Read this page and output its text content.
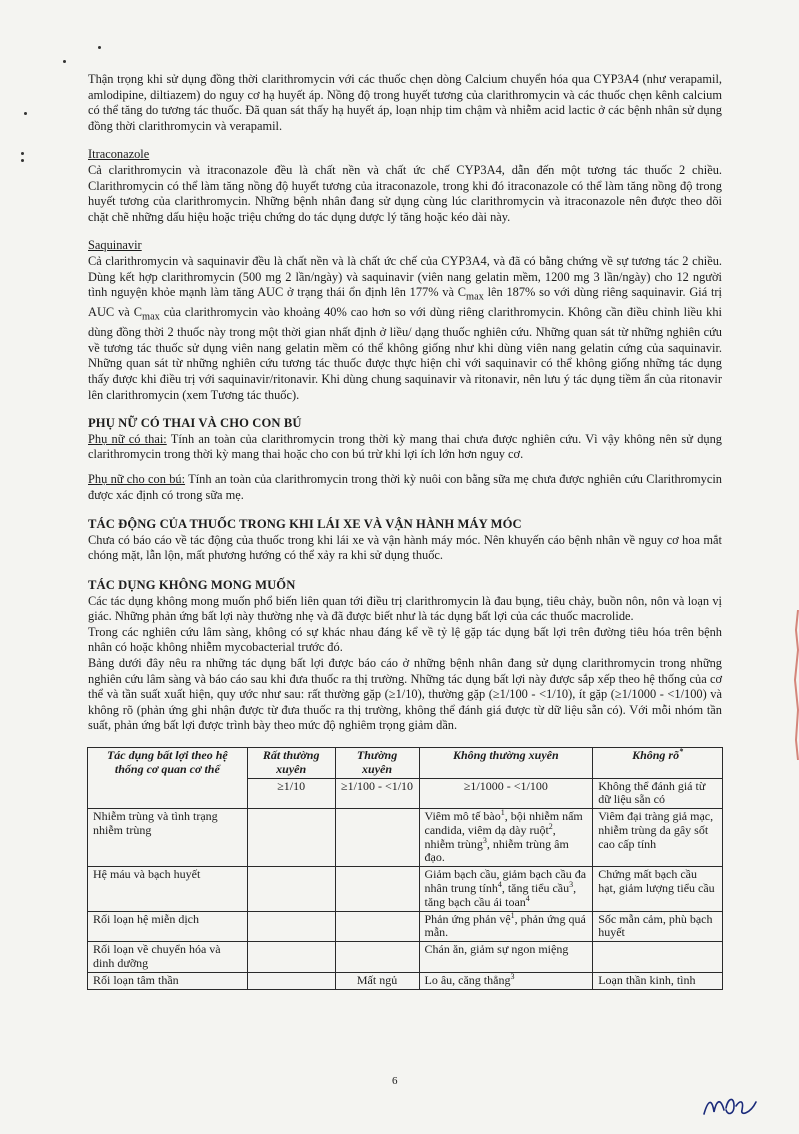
Thận trọng khi sử dụng đồng thời clarithromycin với các thuốc chẹn dòng Calcium chuyển hóa qua CYP3A4 (như verapamil, amlodipine, diltiazem) do nguy cơ hạ huyết áp. Nồng độ trong huyết tương của clarithromycin và các thuốc chẹn kênh calcium có thể tăng do tương tác thuốc. Đã quan sát thấy hạ huyết áp, loạn nhịp tim chậm và nhiễm acid lactic ở các bệnh nhân sử dụng đồng thời clarithromycin và verapamil.

Itraconazole

Cả clarithromycin và itraconazole đều là chất nền và chất ức chế CYP3A4, dẫn đến một tương tác thuốc 2 chiều. Clarithromycin có thể làm tăng nồng độ huyết tương của itraconazole, trong khi đó itraconazole có thể làm tăng nồng độ trong huyết tương của clarithromycin. Những bệnh nhân đang sử dụng cùng lúc clarithromycin và itraconazole nên được theo dõi chặt chẽ những dấu hiệu hoặc triệu chứng do tác dụng dược lý tăng hoặc kéo dài này.

Saquinavir

Cả clarithromycin và saquinavir đều là chất nền và là chất ức chế của CYP3A4, và đã có bằng chứng về sự tương tác 2 chiều. Dùng kết hợp clarithromycin (500 mg 2 lần/ngày) và saquinavir (viên nang gelatin mềm, 1200 mg 3 lần/ngày) cho 12 người tình nguyện khỏe mạnh làm tăng AUC ở trạng thái ổn định lên 177% và $C_{max}$ lên 187% so với dùng riêng saquinavir. Giá trị AUC và $C_{max}$ của clarithromycin vào khoảng 40% cao hơn so với dùng riêng clarithromycin. Không cần điều chỉnh liều khi dùng đồng thời 2 thuốc này trong một thời gian nhất định ở liều/ dạng thuốc nghiên cứu. Những quan sát từ những nghiên cứu về tương tác thuốc sử dụng viên nang gelatin mềm có thể không giống như khi dùng viên nang gelatin cứng của saquinavir. Những quan sát từ những nghiên cứu tương tác thuốc được thực hiện chỉ với saquinavir có thể không giống những tác dụng thấy được khi điều trị với saquinavir/ritonavir. Khi dùng chung saquinavir và ritonavir, nên lưu ý tác dụng tiềm ẩn của ritonavir lên clarithromycin (xem Tương tác thuốc).

PHỤ NỮ CÓ THAI VÀ CHO CON BÚ

Phụ nữ có thai: Tính an toàn của clarithromycin trong thời kỳ mang thai chưa được nghiên cứu. Vì vậy không nên sử dụng clarithromycin trong thời kỳ mang thai hoặc cho con bú trừ khi lợi ích lớn hơn nguy cơ.

Phụ nữ cho con bú: Tính an toàn của clarithromycin trong thời kỳ nuôi con bằng sữa mẹ chưa được nghiên cứu Clarithromycin được xác định có trong sữa mẹ.

TÁC ĐỘNG CỦA THUỐC TRONG KHI LÁI XE VÀ VẬN HÀNH MÁY MÓC

Chưa có báo cáo về tác động của thuốc trong khi lái xe và vận hành máy móc. Nên khuyến cáo bệnh nhân về nguy cơ hoa mắt chóng mặt, lẫn lộn, mất phương hướng có thể xảy ra khi sử dụng thuốc.

TÁC DỤNG KHÔNG MONG MUỐN

Các tác dụng không mong muốn phổ biến liên quan tới điều trị clarithromycin là đau bụng, tiêu chảy, buồn nôn, nôn và loạn vị giác. Những phản ứng bất lợi này thường nhẹ và đã được biết như là tác dụng bất lợi của các thuốc macrolide.

Trong các nghiên cứu lâm sàng, không có sự khác nhau đáng kể về tỷ lệ gặp tác dụng bất lợi trên đường tiêu hóa trên bệnh nhân có hoặc không nhiễm mycobacterial trước đó.

Bảng dưới đây nêu ra những tác dụng bất lợi được báo cáo ở những bệnh nhân đang sử dụng clarithromycin trong những nghiên cứu lâm sàng và báo cáo sau khi đưa thuốc ra thị trường. Những tác dụng bất lợi này được sắp xếp theo hệ thống của cơ thể và tần suất xuất hiện, quy ước như sau: rất thường gặp (≥1/10), thường gặp (≥1/100 - <1/10), ít gặp (≥1/1000 - <1/100) và không rõ (phản ứng ghi nhận được từ đưa thuốc ra thị trường, không thể đánh giá được từ dữ liệu sẵn có). Với mỗi nhóm tần suất, phản ứng bất lợi được trình bày theo mức độ nghiêm trọng giảm dần.

Tác dụng bất lợi theo hệ thống cơ quan cơ thể	Rất thường xuyên	Thường xuyên	Không thường xuyên	Không rõ*
	≥1/10	≥1/100 - <1/10	≥1/1000 - <1/100	Không thể đánh giá từ dữ liệu sẵn có
Nhiễm trùng và tình trạng nhiễm trùng			Viêm mô tế bào$^1$, bội nhiễm nấm candida, viêm dạ dày ruột$^2$, nhiễm trùng$^3$, nhiễm trùng âm đạo.	Viêm đại tràng giả mạc, nhiễm trùng da gây sốt cao cấp tính
Hệ máu và bạch huyết			Giảm bạch cầu, giảm bạch cầu đa nhân trung tính$^4$, tăng tiểu cầu$^3$, tăng bạch cầu ái toan$^4$	Chứng mất bạch cầu hạt, giảm lượng tiểu cầu
Rối loạn hệ miễn dịch			Phản ứng phản vệ$^1$, phản ứng quá mẫn.	Sốc mẫn cảm, phù bạch huyết
Rối loạn về chuyển hóa và dinh dưỡng			Chán ăn, giảm sự ngon miệng	
Rối loạn tâm thần		Mất ngủ	Lo âu, căng thẳng$^3$	Loạn thần kinh, tình
6
